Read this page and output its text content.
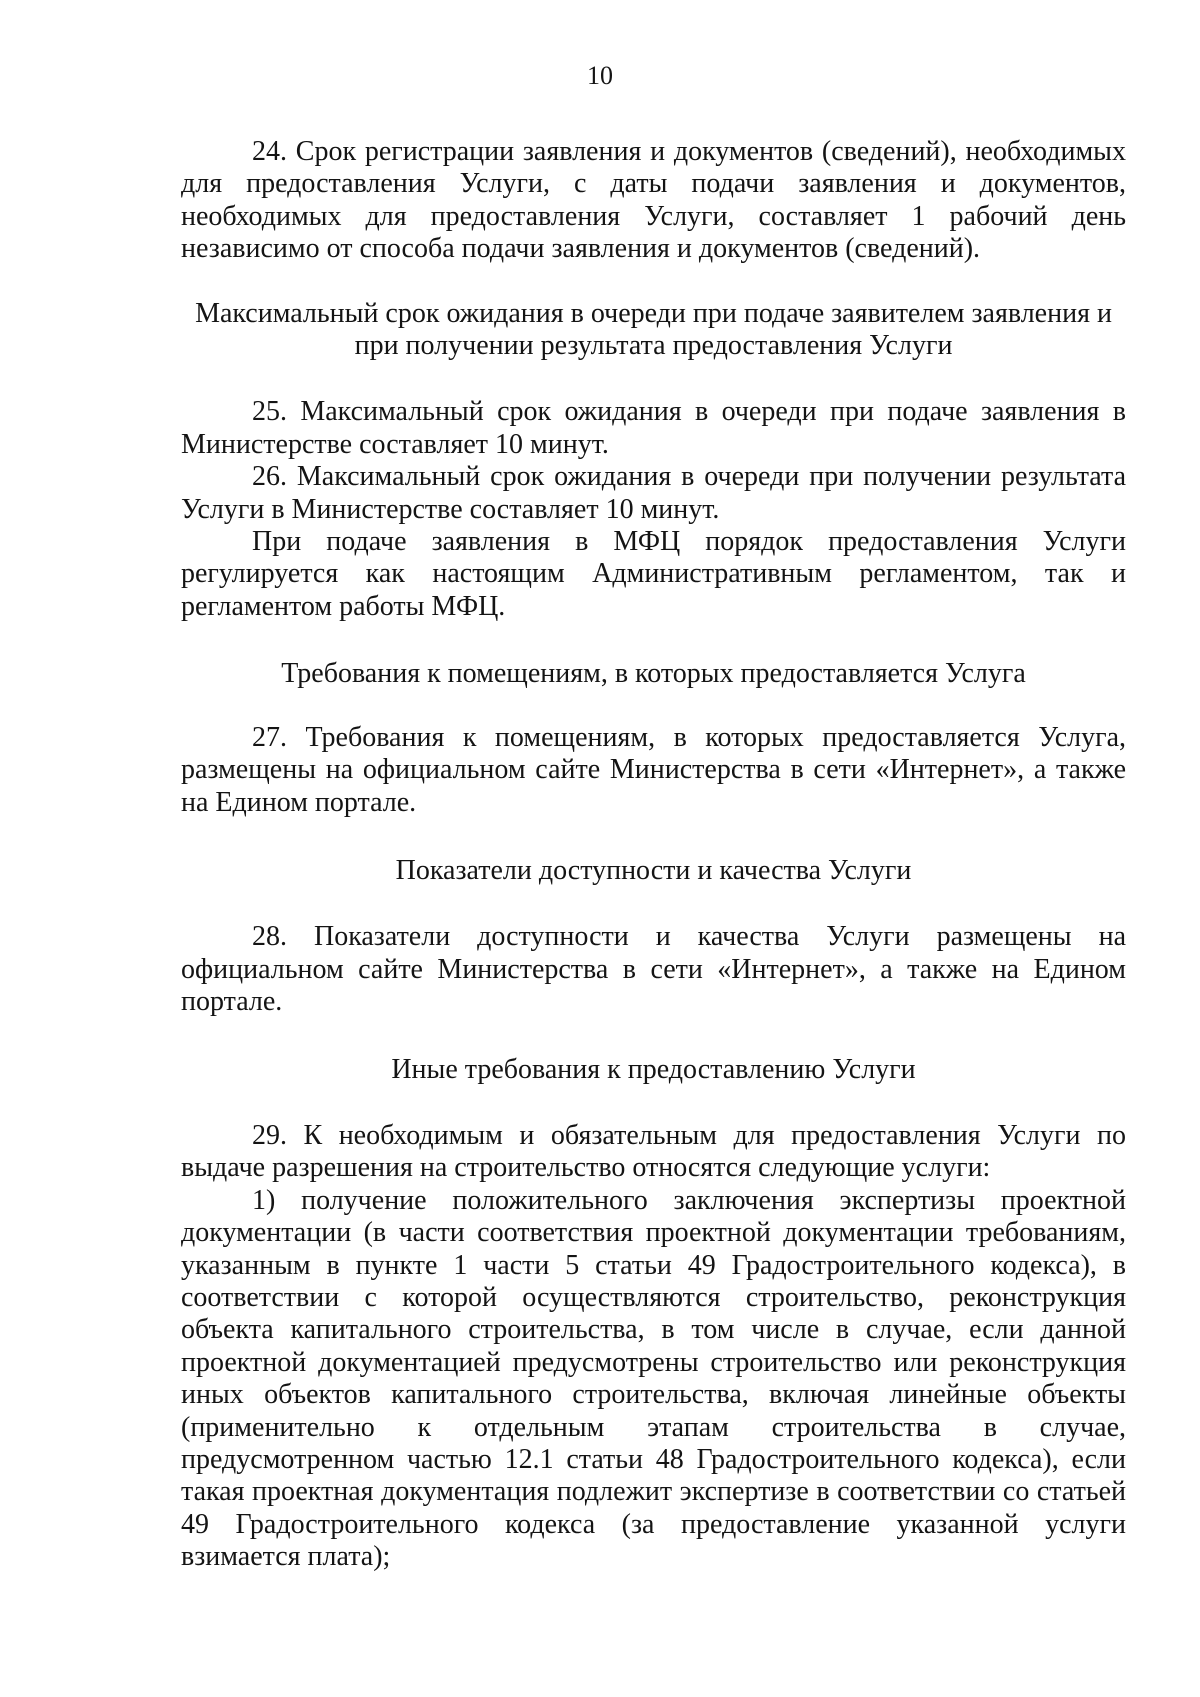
10

24. Срок регистрации заявления и документов (сведений), необходимых для предоставления Услуги, с даты подачи заявления и документов, необходимых для предоставления Услуги, составляет 1 рабочий день независимо от способа подачи заявления и документов (сведений).

Максимальный срок ожидания в очереди при подаче заявителем заявления и при получении результата предоставления Услуги

25. Максимальный срок ожидания в очереди при подаче заявления в Министерстве составляет 10 минут.

26. Максимальный срок ожидания в очереди при получении результата Услуги в Министерстве составляет 10 минут.

При подаче заявления в МФЦ порядок предоставления Услуги регулируется как настоящим Административным регламентом, так и регламентом работы МФЦ.

Требования к помещениям, в которых предоставляется Услуга

27. Требования к помещениям, в которых предоставляется Услуга, размещены на официальном сайте Министерства в сети «Интернет», а также на Едином портале.

Показатели доступности и качества Услуги

28. Показатели доступности и качества Услуги размещены на официальном сайте Министерства в сети «Интернет», а также на Едином портале.

Иные требования к предоставлению Услуги

29. К необходимым и обязательным для предоставления Услуги по выдаче разрешения на строительство относятся следующие услуги:

1) получение положительного заключения экспертизы проектной документации (в части соответствия проектной документации требованиям, указанным в пункте 1 части 5 статьи 49 Градостроительного кодекса), в соответствии с которой осуществляются строительство, реконструкция объекта капитального строительства, в том числе в случае, если данной проектной документацией предусмотрены строительство или реконструкция иных объектов капитального строительства, включая линейные объекты (применительно к отдельным этапам строительства в случае, предусмотренном частью 12.1 статьи 48 Градостроительного кодекса), если такая проектная документация подлежит экспертизе в соответствии со статьей 49 Градостроительного кодекса (за предоставление указанной услуги взимается плата);
